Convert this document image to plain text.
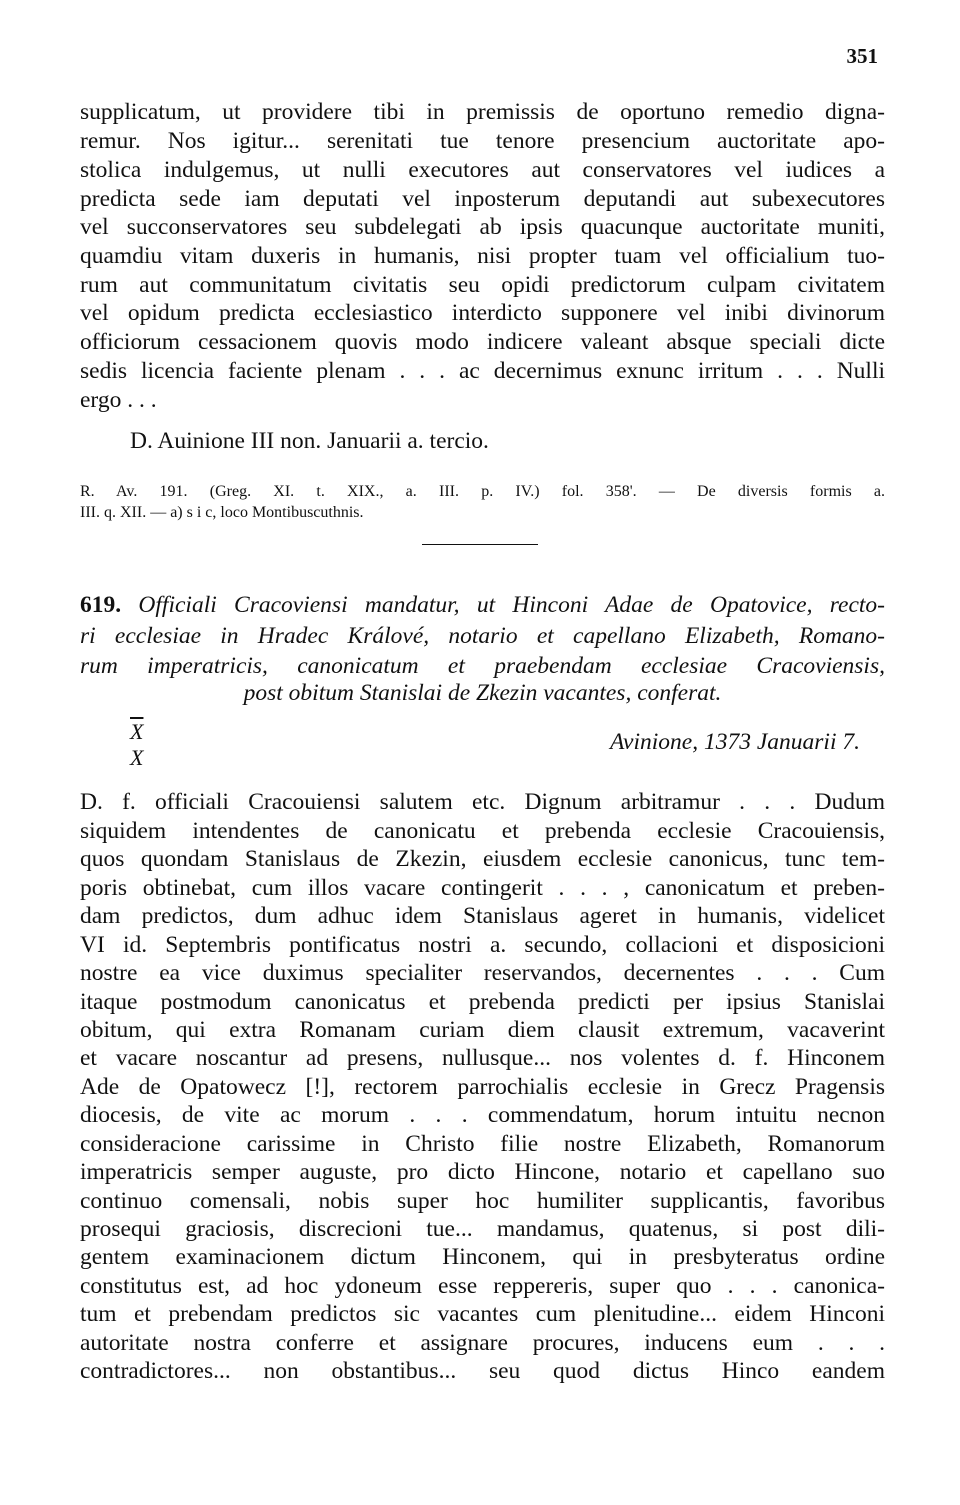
351
supplicatum, ut providere tibi in premissis de oportuno remedio digna-
remur. Nos igitur... serenitati tue tenore presencium auctoritate apo-
stolica indulgemus, ut nulli executores aut conservatores vel iudices a
predicta sede iam deputati vel inposterum deputandi aut subexecutores
vel succonservatores seu subdelegati ab ipsis quacunque auctoritate muniti,
quamdiu vitam duxeris in humanis, nisi propter tuam vel officialium tuo-
rum aut communitatum civitatis seu opidi predictorum culpam civitatem
vel opidum predicta ecclesiastico interdicto supponere vel inibi divinorum
officiorum cessacionem quovis modo indicere valeant absque speciali dicte
sedis licencia faciente plenam . . . ac decernimus exnunc irritum . . . Nulli
ergo . . .
D. Auinione III non. Januarii a. tercio.
R. Av. 191. (Greg. XI. t. XIX., a. III. p. IV.) fol. 358'. — De diversis formis a.
III. q. XII. — a) s i c, loco Montibuscuthnis.
619. Officiali Cracoviensi mandatur, ut Hinconi Adae de Opatovice, recto-
ri ecclesiae in Hradec Králové, notario et capellano Elizabeth, Romano-
rum imperatricis, canonicatum et praebendam ecclesiae Cracoviensis,
post obitum Stanislai de Zkezin vacantes, conferat.
$\overline{X}$
X
Avinione, 1373 Januarii 7.
D. f. officiali Cracouiensi salutem etc. Dignum arbitramur . . . Dudum
siquidem intendentes de canonicatu et prebenda ecclesie Cracouiensis,
quos quondam Stanislaus de Zkezin, eiusdem ecclesie canonicus, tunc tem-
poris obtinebat, cum illos vacare contingerit . . . , canonicatum et preben-
dam predictos, dum adhuc idem Stanislaus ageret in humanis, videlicet
VI id. Septembris pontificatus nostri a. secundo, collacioni et disposicioni
nostre ea vice duximus specialiter reservandos, decernentes . . . Cum
itaque postmodum canonicatus et prebenda predicti per ipsius Stanislai
obitum, qui extra Romanam curiam diem clausit extremum, vacaverint
et vacare noscantur ad presens, nullusque... nos volentes d. f. Hinconem
Ade de Opatowecz [!], rectorem parrochialis ecclesie in Grecz Pragensis
diocesis, de vite ac morum . . . commendatum, horum intuitu necnon
consideracione carissime in Christo filie nostre Elizabeth, Romanorum
imperatricis semper auguste, pro dicto Hincone, notario et capellano suo
continuo comensali, nobis super hoc humiliter supplicantis, favoribus
prosequi graciosis, discrecioni tue... mandamus, quatenus, si post dili-
gentem examinacionem dictum Hinconem, qui in presbyteratus ordine
constitutus est, ad hoc ydoneum esse reppereris, super quo . . . canonica-
tum et prebendam predictos sic vacantes cum plenitudine... eidem Hinconi
autoritate nostra conferre et assignare procures, inducens eum . . .
contradictores... non obstantibus... seu quod dictus Hinco eandem
